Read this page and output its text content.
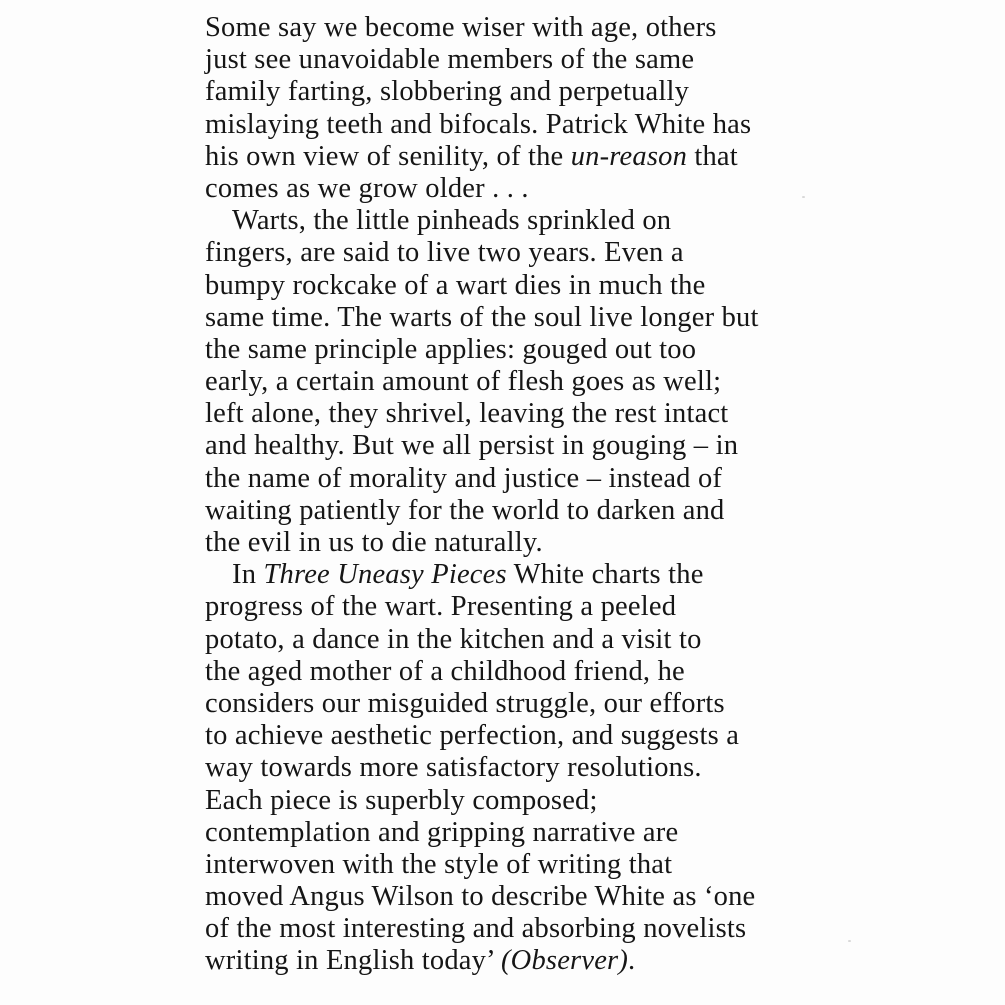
Some say we become wiser with age, others
just see unavoidable members of the same
family farting, slobbering and perpetually
mislaying teeth and bifocals. Patrick White has
his own view of senility, of the un-reason that
comes as we grow older . . .
Warts, the little pinheads sprinkled on
fingers, are said to live two years. Even a
bumpy rockcake of a wart dies in much the
same time. The warts of the soul live longer but
the same principle applies: gouged out too
early, a certain amount of flesh goes as well;
left alone, they shrivel, leaving the rest intact
and healthy. But we all persist in gouging – in
the name of morality and justice – instead of
waiting patiently for the world to darken and
the evil in us to die naturally.
In Three Uneasy Pieces White charts the
progress of the wart. Presenting a peeled
potato, a dance in the kitchen and a visit to
the aged mother of a childhood friend, he
considers our misguided struggle, our efforts
to achieve aesthetic perfection, and suggests a
way towards more satisfactory resolutions.
Each piece is superbly composed;
contemplation and gripping narrative are
interwoven with the style of writing that
moved Angus Wilson to describe White as ‘one
of the most interesting and absorbing novelists
writing in English today’ (Observer).
